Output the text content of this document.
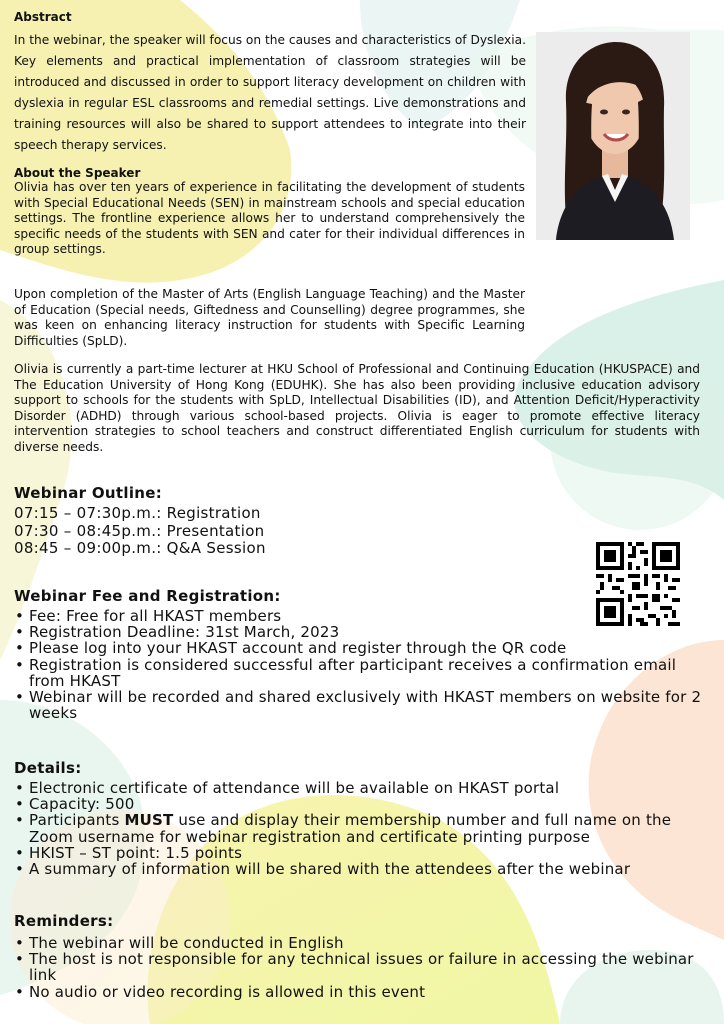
Abstract
In the webinar, the speaker will focus on the causes and characteristics of Dyslexia. Key elements and practical implementation of classroom strategies will be introduced and discussed in order to support literacy development on children with dyslexia in regular ESL classrooms and remedial settings. Live demonstrations and training resources will also be shared to support attendees to integrate into their speech therapy services.
About the Speaker

Olivia has over ten years of experience in facilitating the development of students with Special Educational Needs (SEN) in mainstream schools and special education settings. The frontline experience allows her to understand comprehensively the specific needs of the students with SEN and cater for their individual differences in group settings.

Upon completion of the Master of Arts (English Language Teaching) and the Master of Education (Special needs, Giftedness and Counselling) degree programmes, she was keen on enhancing literacy instruction for students with Specific Learning Difficulties (SpLD).

Olivia is currently a part-time lecturer at HKU School of Professional and Continuing Education (HKUSPACE) and The Education University of Hong Kong (EDUHK). She has also been providing inclusive education advisory support to schools for the students with SpLD, Intellectual Disabilities (ID), and Attention Deficit/Hyperactivity Disorder (ADHD) through various school-based projects. Olivia is eager to promote effective literacy intervention strategies to school teachers and construct differentiated English curriculum for students with diverse needs.

Webinar Outline:
07:15 – 07:30p.m.: Registration
07:30 – 08:45p.m.: Presentation
08:45 – 09:00p.m.: Q&A Session
Webinar Fee and Registration:
• Fee: Free for all HKAST members
• Registration Deadline: 31st March, 2023
• Please log into your HKAST account and register through the QR code
• Registration is considered successful after participant receives a confirmation email from HKAST
• Webinar will be recorded and shared exclusively with HKAST members on website for 2 weeks
Details:
• Electronic certificate of attendance will be available on HKAST portal
• Capacity: 500
• Participants MUST use and display their membership number and full name on the Zoom username for webinar registration and certificate printing purpose
• HKIST – ST point: 1.5 points
• A summary of information will be shared with the attendees after the webinar
Reminders:
• The webinar will be conducted in English
• The host is not responsible for any technical issues or failure in accessing the webinar link
• No audio or video recording is allowed in this event
